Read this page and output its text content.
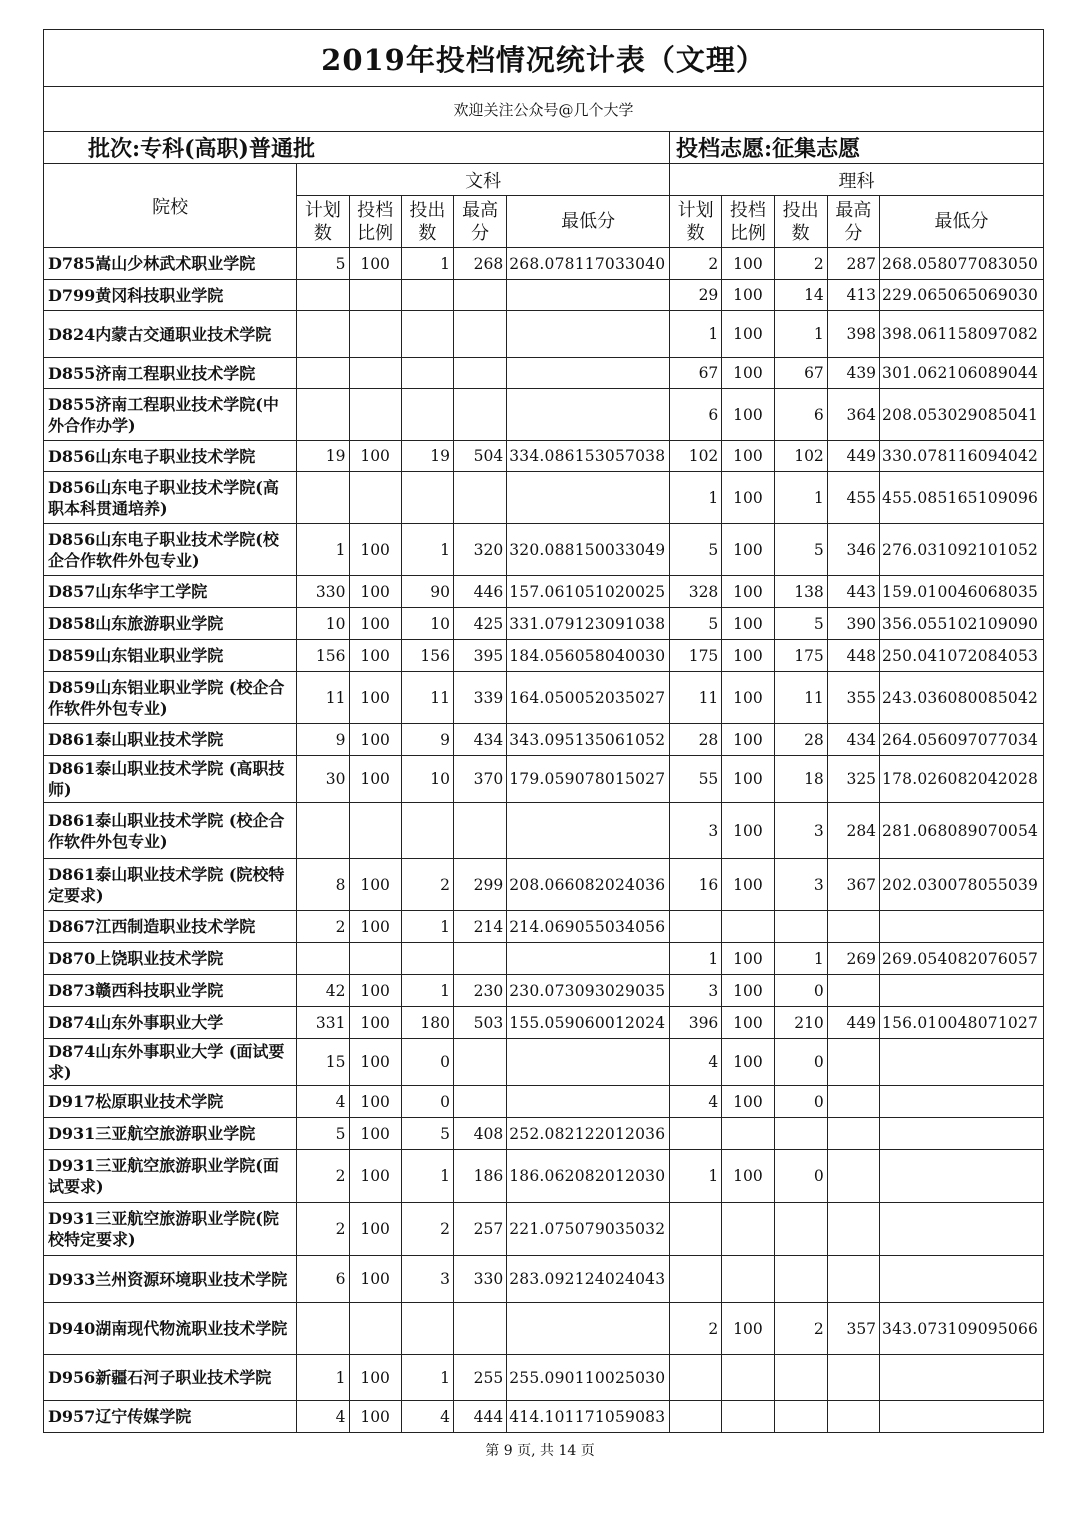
2019年投档情况统计表（文理）										
欢迎关注公众号@几个大学										
批次:专科(高职)普通批						投档志愿:征集志愿				
院校	文科					理科				
	计划数	投档比例	投出数	最高分	最低分	计划数	投档比例	投出数	最高分	最低分
D785嵩山少林武术职业学院	5	100	1	268	268.078117033040	2	100	2	287	268.058077083050
D799黄冈科技职业学院						29	100	14	413	229.065065069030
D824内蒙古交通职业技术学院						1	100	1	398	398.061158097082
D855济南工程职业技术学院						67	100	67	439	301.062106089044
D855济南工程职业技术学院(中外合作办学)						6	100	6	364	208.053029085041
D856山东电子职业技术学院	19	100	19	504	334.086153057038	102	100	102	449	330.078116094042
D856山东电子职业技术学院(高职本科贯通培养)						1	100	1	455	455.085165109096
D856山东电子职业技术学院(校企合作软件外包专业)	1	100	1	320	320.088150033049	5	100	5	346	276.031092101052
D857山东华宇工学院	330	100	90	446	157.061051020025	328	100	138	443	159.010046068035
D858山东旅游职业学院	10	100	10	425	331.079123091038	5	100	5	390	356.055102109090
D859山东铝业职业学院	156	100	156	395	184.056058040030	175	100	175	448	250.041072084053
D859山东铝业职业学院 (校企合作软件外包专业)	11	100	11	339	164.050052035027	11	100	11	355	243.036080085042
D861泰山职业技术学院	9	100	9	434	343.095135061052	28	100	28	434	264.056097077034
D861泰山职业技术学院 (高职技师)	30	100	10	370	179.059078015027	55	100	18	325	178.026082042028
D861泰山职业技术学院 (校企合作软件外包专业)						3	100	3	284	281.068089070054
D861泰山职业技术学院 (院校特定要求)	8	100	2	299	208.066082024036	16	100	3	367	202.030078055039
D867江西制造职业技术学院	2	100	1	214	214.069055034056					
D870上饶职业技术学院						1	100	1	269	269.054082076057
D873赣西科技职业学院	42	100	1	230	230.073093029035	3	100	0		
D874山东外事职业大学	331	100	180	503	155.059060012024	396	100	210	449	156.010048071027
D874山东外事职业大学 (面试要求)	15	100	0			4	100	0		
D917松原职业技术学院	4	100	0			4	100	0		
D931三亚航空旅游职业学院	5	100	5	408	252.082122012036					
D931三亚航空旅游职业学院(面试要求)	2	100	1	186	186.062082012030	1	100	0		
D931三亚航空旅游职业学院(院校特定要求)	2	100	2	257	221.075079035032					
D933兰州资源环境职业技术学院	6	100	3	330	283.092124024043					
D940湖南现代物流职业技术学院						2	100	2	357	343.073109095066
D956新疆石河子职业技术学院	1	100	1	255	255.090110025030					
D957辽宁传媒学院	4	100	4	444	414.101171059083					
第 9 页, 共 14 页
